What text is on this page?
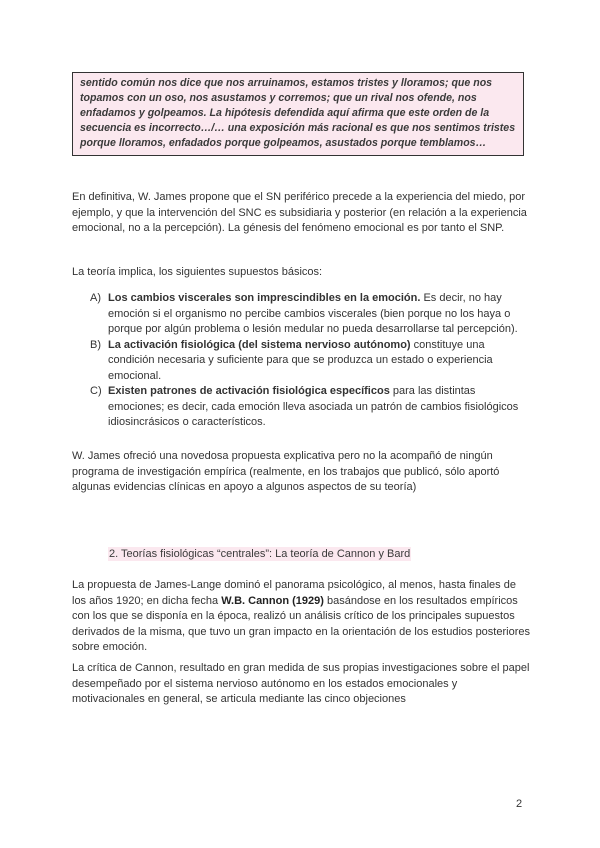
sentido común nos dice que nos arruinamos, estamos tristes y lloramos; que nos topamos con un oso, nos asustamos y corremos; que un rival nos ofende, nos enfadamos y golpeamos. La hipótesis defendida aquí afirma que este orden de la secuencia es incorrecto…/… una exposición más racional es que nos sentimos tristes porque lloramos, enfadados porque golpeamos, asustados porque temblamos…

En definitiva, W. James propone que el SN periférico precede a la experiencia del miedo, por ejemplo, y que la intervención del SNC es subsidiaria y posterior (en relación a la experiencia emocional, no a la percepción). La génesis del fenómeno emocional es por tanto el SNP.

La teoría implica, los siguientes supuestos básicos:

A) Los cambios viscerales son imprescindibles en la emoción. Es decir, no hay emoción si el organismo no percibe cambios viscerales (bien porque no los haya o porque por algún problema o lesión medular no pueda desarrollarse tal percepción).
B) La activación fisiológica (del sistema nervioso autónomo) constituye una condición necesaria y suficiente para que se produzca un estado o experiencia emocional.
C) Existen patrones de activación fisiológica específicos para las distintas emociones; es decir, cada emoción lleva asociada un patrón de cambios fisiológicos idiosincrásicos o característicos.

W. James ofreció una novedosa propuesta explicativa pero no la acompañó de ningún programa de investigación empírica (realmente, en los trabajos que publicó, sólo aportó algunas evidencias clínicas en apoyo a algunos aspectos de su teoría)

2. Teorías fisiológicas “centrales”: La teoría de Cannon y Bard

La propuesta de James-Lange dominó el panorama psicológico, al menos, hasta finales de los años 1920; en dicha fecha W.B. Cannon (1929) basándose en los resultados empíricos con los que se disponía en la época, realizó un análisis crítico de los principales supuestos derivados de la misma, que tuvo un gran impacto en la orientación de los estudios posteriores sobre emoción.

La crítica de Cannon, resultado en gran medida de sus propias investigaciones sobre el papel desempeñado por el sistema nervioso autónomo en los estados emocionales y motivacionales en general, se articula mediante las cinco objeciones

2
